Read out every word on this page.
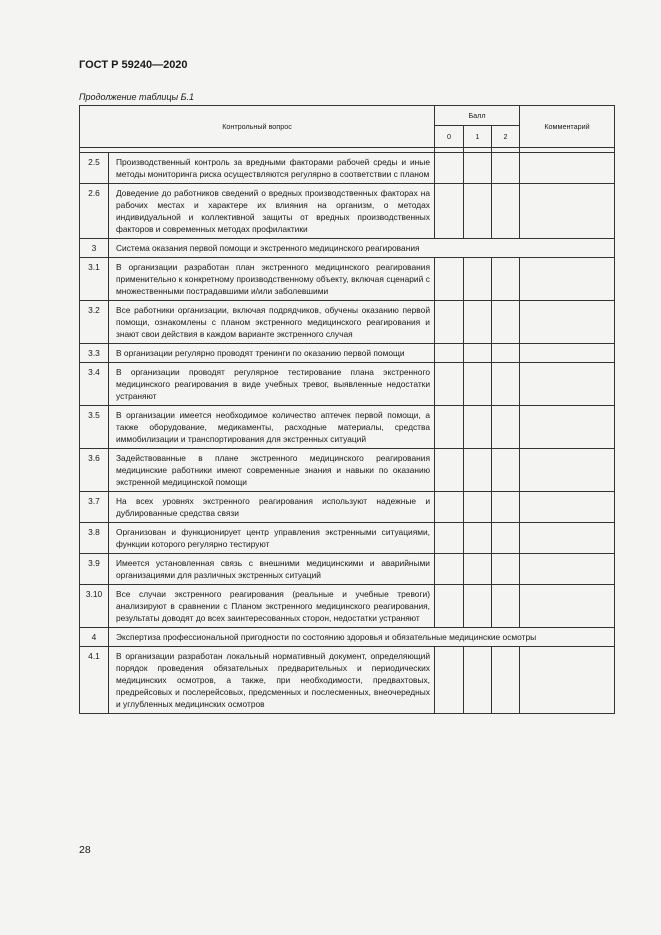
ГОСТ Р 59240—2020
Продолжение таблицы Б.1
Контрольный вопрос		Балл			Комментарий
		0	1	2	

2.5	Производственный контроль за вредными факторами рабочей среды и иные методы мониторинга риска осуществляются регулярно в соответствии с планом				
2.6	Доведение до работников сведений о вредных производственных факторах на рабочих местах и характере их влияния на организм, о методах индивидуальной и коллективной защиты от вредных производственных факторов и современных методах профилактики				
3	Система оказания первой помощи и экстренного медицинского реагирования				
3.1	В организации разработан план экстренного медицинского реагирования применительно к конкретному производственному объекту, включая сценарий с множественными пострадавшими и/или заболевшими				
3.2	Все работники организации, включая подрядчиков, обучены оказанию первой помощи, ознакомлены с планом экстренного медицинского реагирования и знают свои действия в каждом варианте экстренного случая				
3.3	В организации регулярно проводят тренинги по оказанию первой помощи				
3.4	В организации проводят регулярное тестирование плана экстренного медицинского реагирования в виде учебных тревог, выявленные недостатки устраняют				
3.5	В организации имеется необходимое количество аптечек первой помощи, а также оборудование, медикаменты, расходные материалы, средства иммобилизации и транспортирования для экстренных ситуаций				
3.6	Задействованные в плане экстренного медицинского реагирования медицинские работники имеют современные знания и навыки по оказанию экстренной медицинской помощи				
3.7	На всех уровнях экстренного реагирования используют надежные и дублированные средства связи				
3.8	Организован и функционирует центр управления экстренными ситуациями, функции которого регулярно тестируют				
3.9	Имеется установленная связь с внешними медицинскими и аварийными организациями для различных экстренных ситуаций				
3.10	Все случаи экстренного реагирования (реальные и учебные тревоги) анализируют в сравнении с Планом экстренного медицинского реагирования, результаты доводят до всех заинтересованных сторон, недостатки устраняют				
4	Экспертиза профессиональной пригодности по состоянию здоровья и обязательные медицинские осмотры				
4.1	В организации разработан локальный нормативный документ, определяющий порядок проведения обязательных предварительных и периодических медицинских осмотров, а также, при необходимости, предвахтовых, предрейсовых и послерейсовых, предсменных и послесменных, внеочередных и углубленных медицинских осмотров				
28
